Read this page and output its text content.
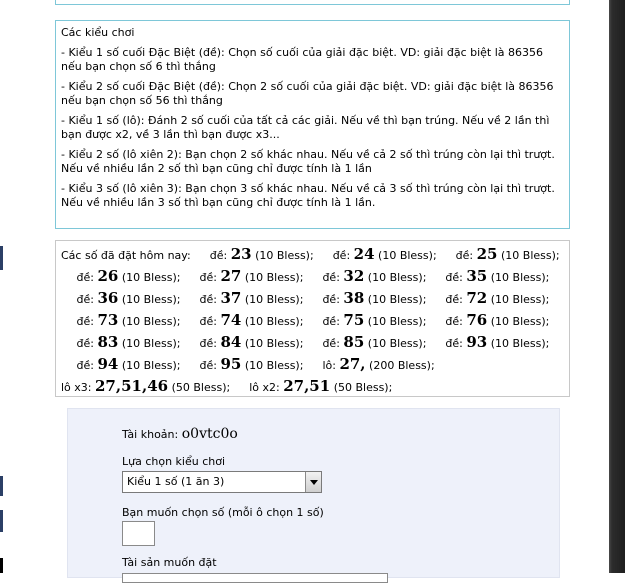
Các kiểu chơi
- Kiểu 1 số cuối Đặc Biệt (đề): Chọn số cuối của giải đặc biệt. VD: giải đặc biệt là 86356 nếu bạn chọn số 6 thì thắng
- Kiểu 2 số cuối Đặc Biệt (đề): Chọn 2 số cuối của giải đặc biệt. VD: giải đặc biệt là 86356 nếu bạn chọn số 56 thì thắng
- Kiểu 1 số (lô): Đánh 2 số cuối của tất cả các giải. Nếu về thì bạn trúng. Nếu về 2 lần thì bạn được x2, về 3 lần thì bạn được x3...
- Kiểu 2 số (lô xiên 2): Bạn chọn 2 số khác nhau. Nếu về cả 2 số thì trúng còn lại thì trượt. Nếu về nhiều lần 2 số thì bạn cũng chỉ được tính là 1 lần
- Kiểu 3 số (lô xiên 3): Bạn chọn 3 số khác nhau. Nếu về cả 3 số thì trúng còn lại thì trượt. Nếu về nhiều lần 3 số thì bạn cũng chỉ được tính là 1 lần.
Các số đã đặt hôm nay: đề: 23 (10 Bless); đề: 24 (10 Bless); đề: 25 (10 Bless);  đề: 26 (10 Bless); đề: 27 (10 Bless); đề: 32 (10 Bless); đề: 35 (10 Bless);  đề: 36 (10 Bless); đề: 37 (10 Bless); đề: 38 (10 Bless); đề: 72 (10 Bless);  đề: 73 (10 Bless); đề: 74 (10 Bless); đề: 75 (10 Bless); đề: 76 (10 Bless);  đề: 83 (10 Bless); đề: 84 (10 Bless); đề: 85 (10 Bless); đề: 93 (10 Bless);  đề: 94 (10 Bless); đề: 95 (10 Bless); lô: 27, (200 Bless);  lô x3: 27,51,46 (50 Bless); lô x2: 27,51 (50 Bless);
Tài khoản: o0vtc0o
Lựa chọn kiểu chơi
Kiểu 1 số (1 ăn 3)
Bạn muốn chọn số (mỗi ô chọn 1 số)
Tài sản muốn đặt
